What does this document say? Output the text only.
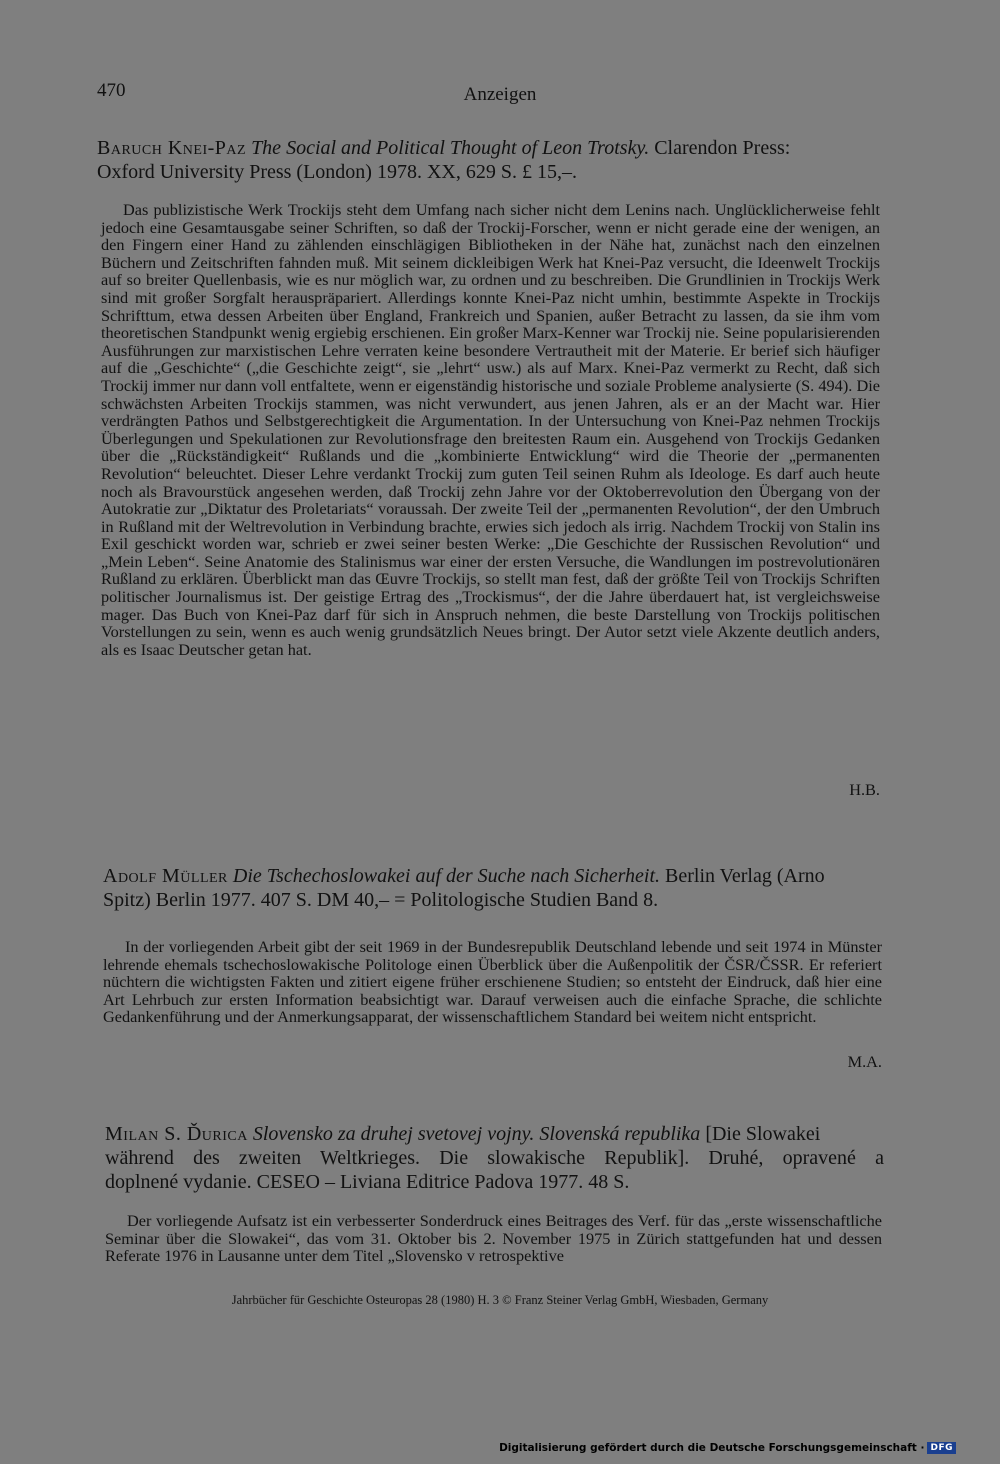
470	Anzeigen
Baruch Knei-Paz The Social and Political Thought of Leon Trotsky. Clarendon Press:
Oxford University Press (London) 1978. XX, 629 S. £ 15,–.

Das publizistische Werk Trockijs steht dem Umfang nach sicher nicht dem Lenins nach. Unglücklicherweise fehlt jedoch eine Gesamtausgabe seiner Schriften, so daß der Trockij-Forscher, wenn er nicht gerade eine der wenigen, an den Fingern einer Hand zu zählenden einschlägigen Bibliotheken in der Nähe hat, zunächst nach den einzelnen Büchern und Zeitschriften fahnden muß. Mit seinem dickleibigen Werk hat Knei-Paz versucht, die Ideenwelt Trockijs auf so breiter Quellenbasis, wie es nur möglich war, zu ordnen und zu beschreiben. Die Grundlinien in Trockijs Werk sind mit großer Sorgfalt herauspräpariert. Allerdings konnte Knei-Paz nicht umhin, bestimmte Aspekte in Trockijs Schrifttum, etwa dessen Arbeiten über England, Frankreich und Spanien, außer Betracht zu lassen, da sie ihm vom theoretischen Standpunkt wenig ergiebig erschienen. Ein großer Marx-Kenner war Trockij nie. Seine popularisierenden Ausführungen zur marxistischen Lehre verraten keine besondere Vertrautheit mit der Materie. Er berief sich häufiger auf die „Geschichte“ („die Geschichte zeigt“, sie „lehrt“ usw.) als auf Marx. Knei-Paz vermerkt zu Recht, daß sich Trockij immer nur dann voll entfaltete, wenn er eigenständig historische und soziale Probleme analysierte (S. 494). Die schwächsten Arbeiten Trockijs stammen, was nicht verwundert, aus jenen Jahren, als er an der Macht war. Hier verdrängten Pathos und Selbstgerechtigkeit die Argumentation. In der Untersuchung von Knei-Paz nehmen Trockijs Überlegungen und Spekulationen zur Revolutionsfrage den breitesten Raum ein. Ausgehend von Trockijs Gedanken über die „Rückständigkeit“ Rußlands und die „kombinierte Entwicklung“ wird die Theorie der „permanenten Revolution“ beleuchtet. Dieser Lehre verdankt Trockij zum guten Teil seinen Ruhm als Ideologe. Es darf auch heute noch als Bravourstück angesehen werden, daß Trockij zehn Jahre vor der Oktoberrevolution den Übergang von der Autokratie zur „Diktatur des Proletariats“ voraussah. Der zweite Teil der „permanenten Revolution“, der den Umbruch in Rußland mit der Weltrevolution in Verbindung brachte, erwies sich jedoch als irrig. Nachdem Trockij von Stalin ins Exil geschickt worden war, schrieb er zwei seiner besten Werke: „Die Geschichte der Russischen Revolution“ und „Mein Leben“. Seine Anatomie des Stalinismus war einer der ersten Versuche, die Wandlungen im postrevolutionären Rußland zu erklären. Überblickt man das Œuvre Trockijs, so stellt man fest, daß der größte Teil von Trockijs Schriften politischer Journalismus ist. Der geistige Ertrag des „Trockismus“, der die Jahre überdauert hat, ist vergleichsweise mager. Das Buch von Knei-Paz darf für sich in Anspruch nehmen, die beste Darstellung von Trockijs politischen Vorstellungen zu sein, wenn es auch wenig grundsätzlich Neues bringt. Der Autor setzt viele Akzente deutlich anders, als es Isaac Deutscher getan hat.

H.B.
Adolf Müller Die Tschechoslowakei auf der Suche nach Sicherheit. Berlin Verlag (Arno
Spitz) Berlin 1977. 407 S. DM 40,– = Politologische Studien Band 8.

In der vorliegenden Arbeit gibt der seit 1969 in der Bundesrepublik Deutschland lebende und seit 1974 in Münster lehrende ehemals tschechoslowakische Politologe einen Überblick über die Außenpolitik der ČSR/ČSSR. Er referiert nüchtern die wichtigsten Fakten und zitiert eigene früher erschienene Studien; so entsteht der Eindruck, daß hier eine Art Lehrbuch zur ersten Information beabsichtigt war. Darauf verweisen auch die einfache Sprache, die schlichte Gedankenführung und der Anmerkungsapparat, der wissenschaftlichem Standard bei weitem nicht entspricht.

M.A.
Milan S. Ďurica Slovensko za druhej svetovej vojny. Slovenská republika [Die Slowakei
während des zweiten Weltkrieges. Die slowakische Republik]. Druhé, opravené a
doplnené vydanie. CESEO – Liviana Editrice Padova 1977. 48 S.

Der vorliegende Aufsatz ist ein verbesserter Sonderdruck eines Beitrages des Verf. für das „erste wissenschaftliche Seminar über die Slowakei“, das vom 31. Oktober bis 2. November 1975 in Zürich stattgefunden hat und dessen Referate 1976 in Lausanne unter dem Titel „Slovensko v retrospektive

Jahrbücher für Geschichte Osteuropas 28 (1980) H. 3 © Franz Steiner Verlag GmbH, Wiesbaden, Germany
Digitalisierung gefördert durch die Deutsche Forschungsgemeinschaft · DFG
